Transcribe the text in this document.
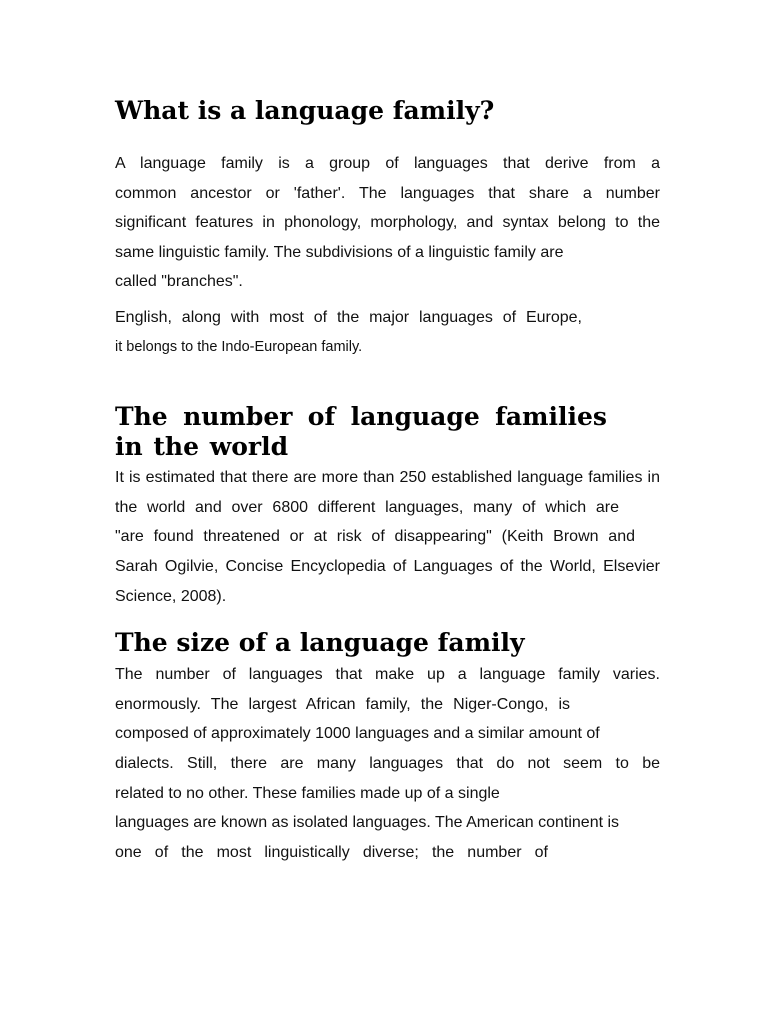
What is a language family?

A language family is a group of languages that derive from a
common ancestor or 'father'. The languages that share a number
significant features in phonology, morphology, and syntax belong to the
same linguistic family. The subdivisions of a linguistic family are
called "branches".

English, along with most of the major languages of Europe,
it belongs to the Indo-European family.

The number of language families in the world

It is estimated that there are more than 250 established language families in
the world and over 6800 different languages, many of which are
"are found threatened or at risk of disappearing" (Keith Brown and
Sarah Ogilvie, Concise Encyclopedia of Languages of the World, Elsevier
Science, 2008).

The size of a language family

The number of languages that make up a language family varies.
enormously. The largest African family, the Niger-Congo, is
composed of approximately 1000 languages and a similar amount of
dialects. Still, there are many languages that do not seem to be
related to no other. These families made up of a single
languages are known as isolated languages. The American continent is
one of the most linguistically diverse; the number of
